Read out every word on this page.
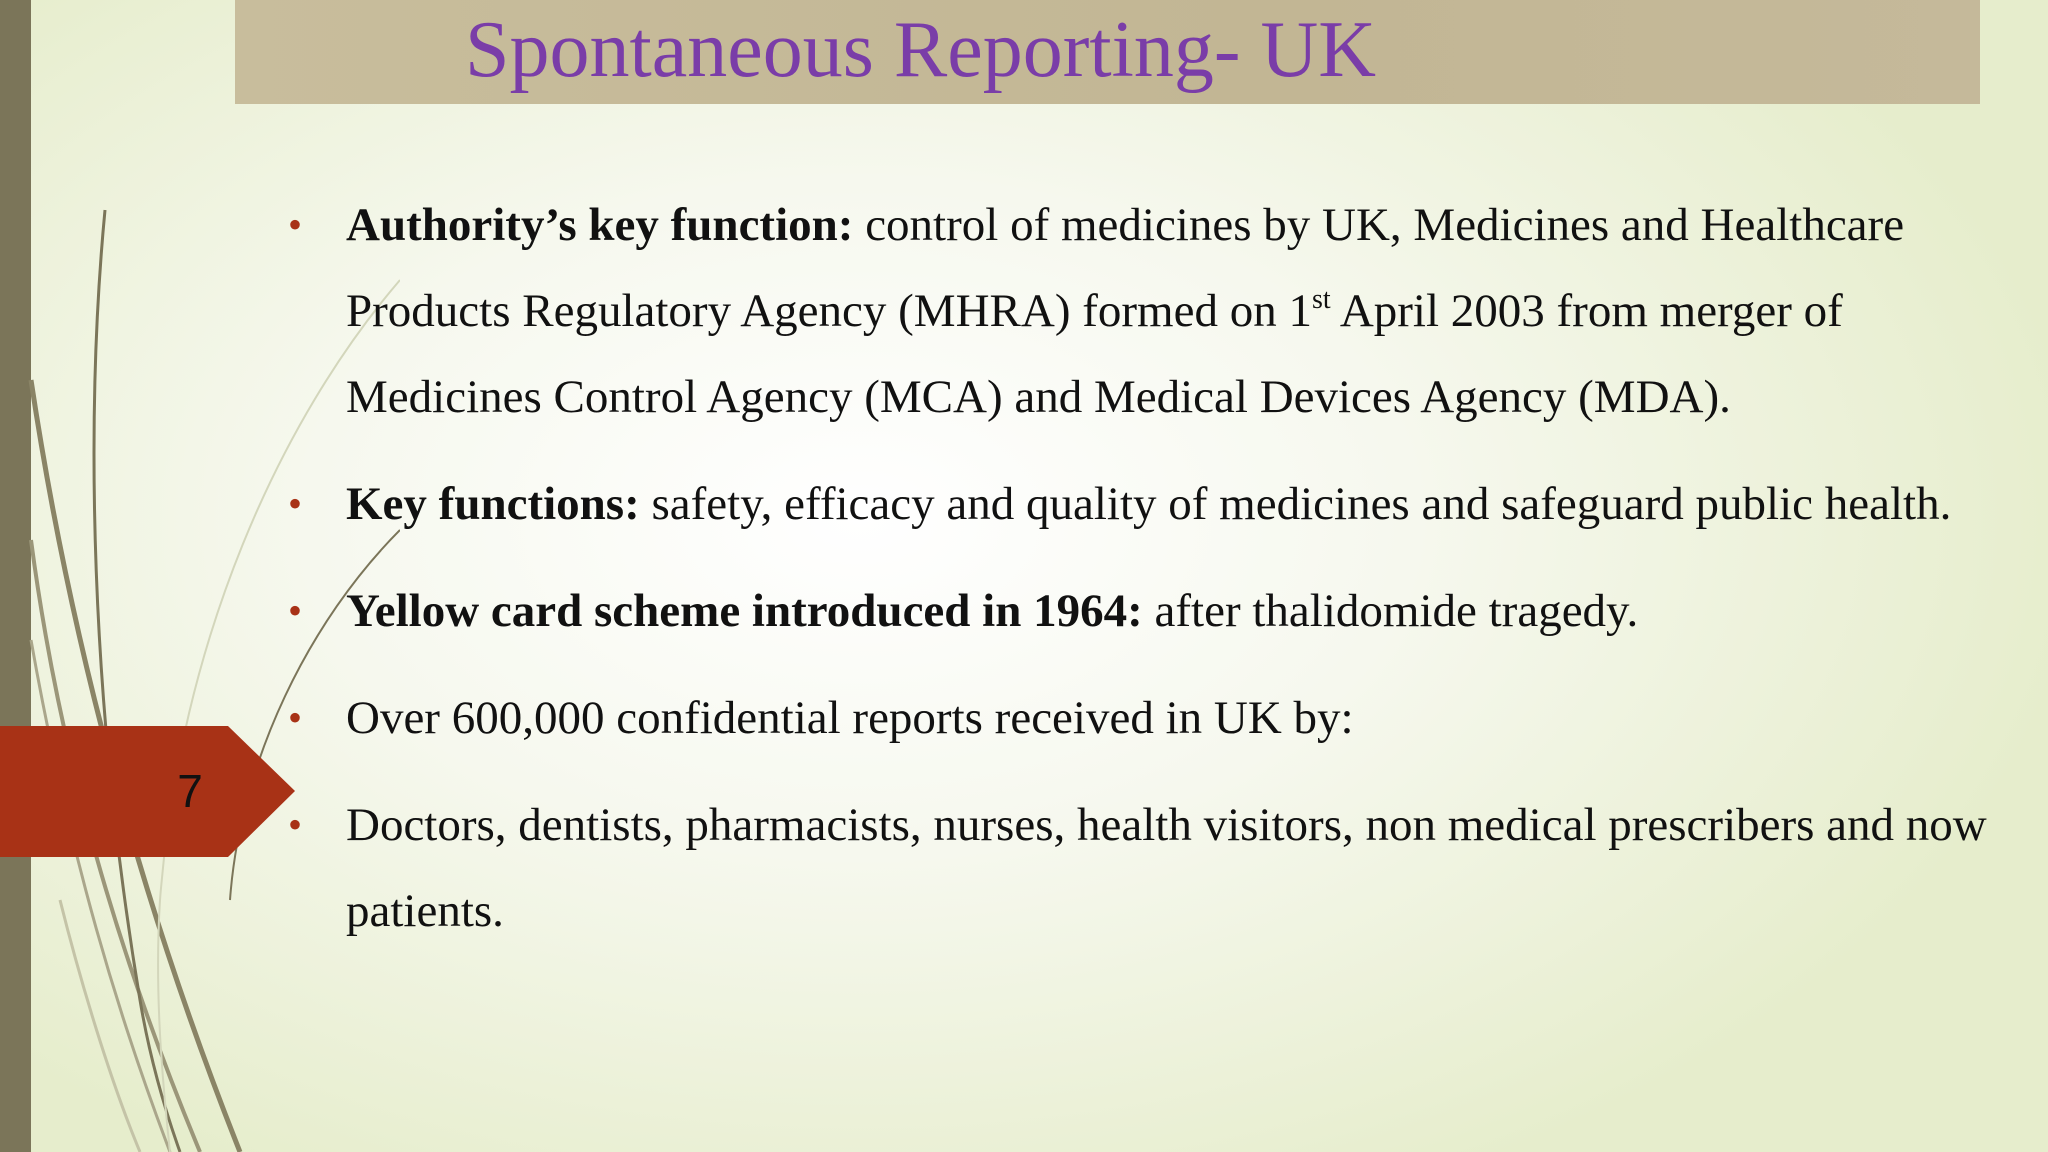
Spontaneous Reporting- UK
7
• Authority’s key function: control of medicines by UK, Medicines and Healthcare Products Regulatory Agency (MHRA) formed on 1st April 2003 from merger of Medicines Control Agency (MCA) and Medical Devices Agency (MDA).
• Key functions: safety, efficacy and quality of medicines and safeguard public health.
• Yellow card scheme introduced in 1964: after thalidomide tragedy.
• Over 600,000 confidential reports received in UK by:
• Doctors, dentists, pharmacists, nurses, health visitors, non medical prescribers and now patients.
